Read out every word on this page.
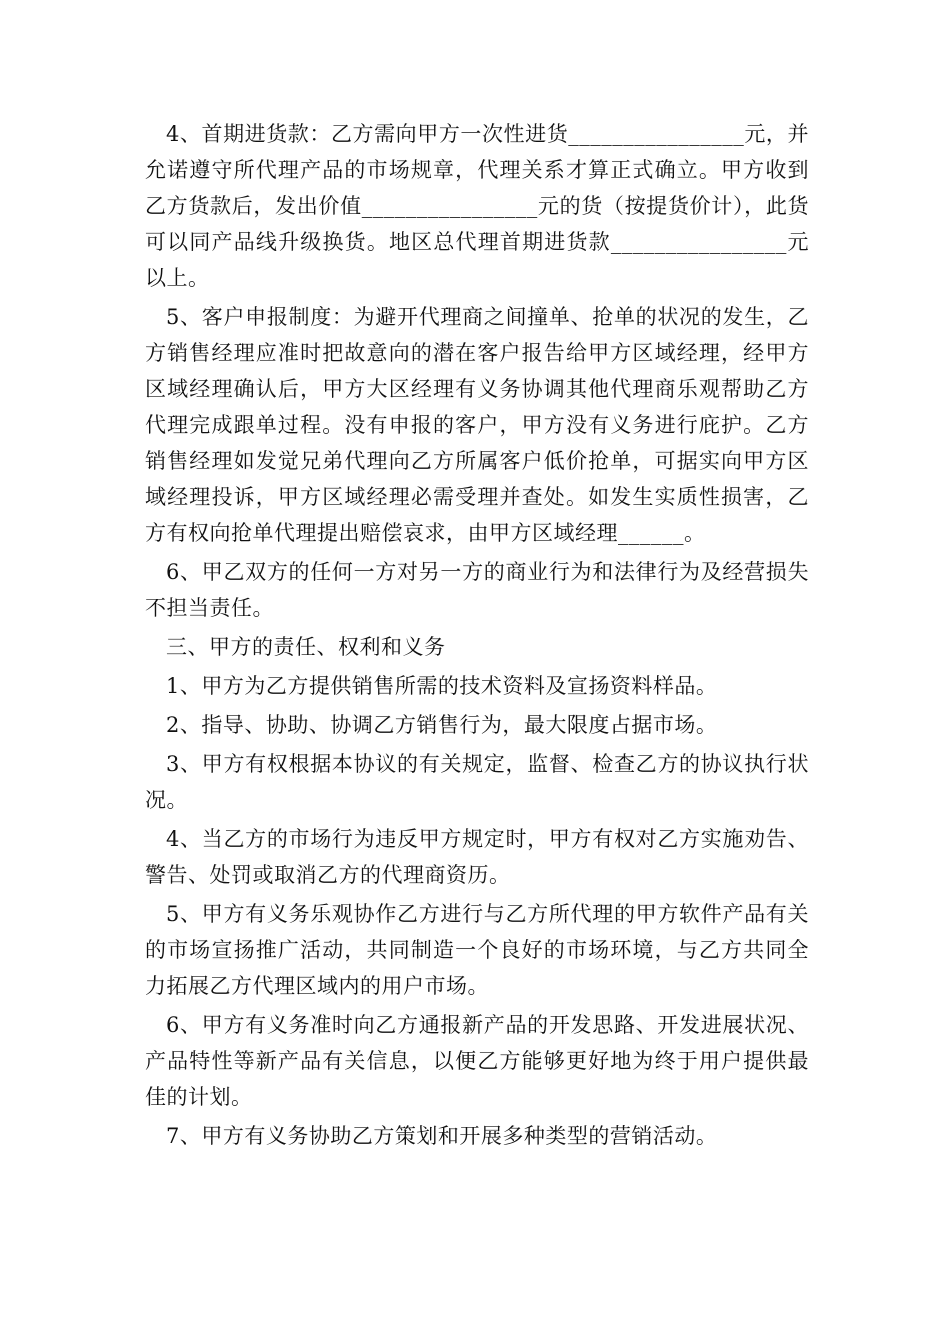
4、首期进货款：乙方需向甲方一次性进货________________元，并允诺遵守所代理产品的市场规章，代理关系才算正式确立。甲方收到乙方货款后，发出价值________________元的货（按提货价计），此货可以同产品线升级换货。地区总代理首期进货款________________元以上。

5、客户申报制度：为避开代理商之间撞单、抢单的状况的发生，乙方销售经理应准时把故意向的潜在客户报告给甲方区域经理，经甲方区域经理确认后，甲方大区经理有义务协调其他代理商乐观帮助乙方代理完成跟单过程。没有申报的客户，甲方没有义务进行庇护。乙方销售经理如发觉兄弟代理向乙方所属客户低价抢单，可据实向甲方区域经理投诉，甲方区域经理必需受理并查处。如发生实质性损害，乙方有权向抢单代理提出赔偿哀求，由甲方区域经理______。

6、甲乙双方的任何一方对另一方的商业行为和法律行为及经营损失不担当责任。

三、甲方的责任、权利和义务

1、甲方为乙方提供销售所需的技术资料及宣扬资料样品。

2、指导、协助、协调乙方销售行为，最大限度占据市场。

3、甲方有权根据本协议的有关规定，监督、检查乙方的协议执行状况。

4、当乙方的市场行为违反甲方规定时，甲方有权对乙方实施劝告、警告、处罚或取消乙方的代理商资历。

5、甲方有义务乐观协作乙方进行与乙方所代理的甲方软件产品有关的市场宣扬推广活动，共同制造一个良好的市场环境，与乙方共同全力拓展乙方代理区域内的用户市场。

6、甲方有义务准时向乙方通报新产品的开发思路、开发进展状况、产品特性等新产品有关信息，以便乙方能够更好地为终于用户提供最佳的计划。

7、甲方有义务协助乙方策划和开展多种类型的营销活动。
